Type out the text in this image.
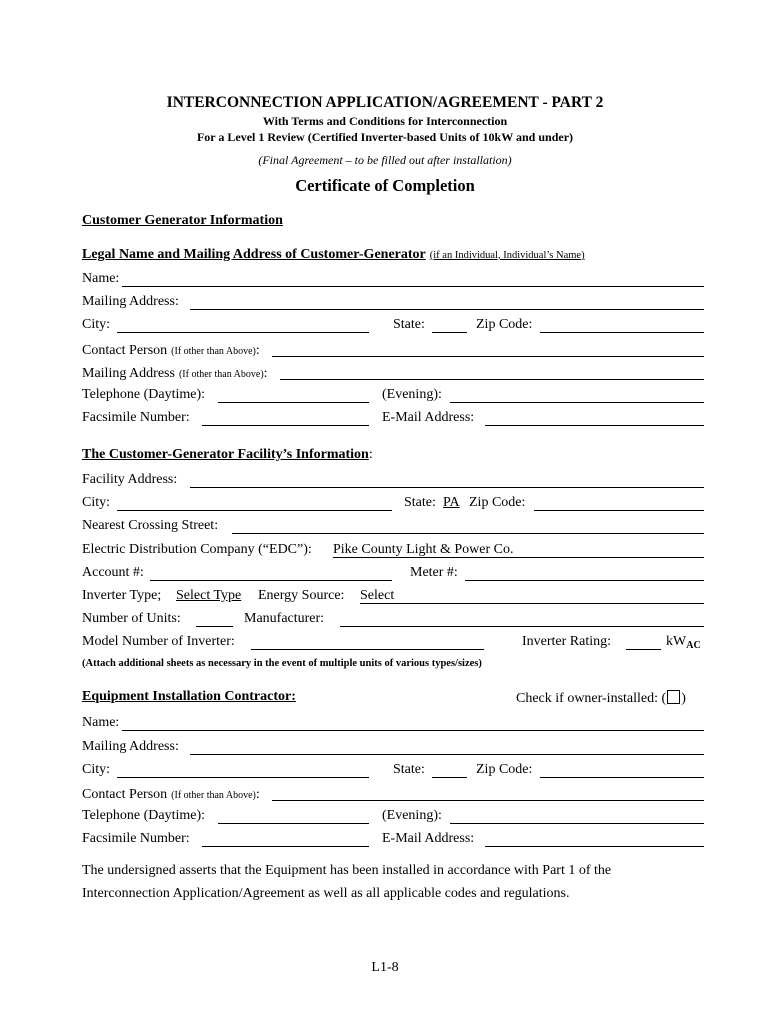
INTERCONNECTION APPLICATION/AGREEMENT - PART 2
With Terms and Conditions for Interconnection
For a Level 1 Review (Certified Inverter-based Units of 10kW and under)
(Final Agreement – to be filled out after installation)
Certificate of Completion
Customer Generator Information
Legal Name and Mailing Address of Customer-Generator (if an Individual, Individual’s Name)
Name:
Mailing Address:
City:	State:	Zip Code:
Contact Person (If other than Above):
Mailing Address (If other than Above):
Telephone (Daytime):	(Evening):
Facsimile Number:	E-Mail Address:
The Customer-Generator Facility’s Information:
Facility Address:
City:	State: PA Zip Code:
Nearest Crossing Street:
Electric Distribution Company (“EDC”): Pike County Light & Power Co.
Account #:	Meter #:
Inverter Type; Select Type Energy Source: Select
Number of Units:	Manufacturer:
Model Number of Inverter:	Inverter Rating:	$kW_{AC}$
(Attach additional sheets as necessary in the event of multiple units of various types/sizes)
Equipment Installation Contractor:	Check if owner-installed: ( )
Name:
Mailing Address:
City:	State:	Zip Code:
Contact Person (If other than Above):
Telephone (Daytime):	(Evening):
Facsimile Number:	E-Mail Address:
The undersigned asserts that the Equipment has been installed in accordance with Part 1 of the
Interconnection Application/Agreement as well as all applicable codes and regulations.
L1-8
